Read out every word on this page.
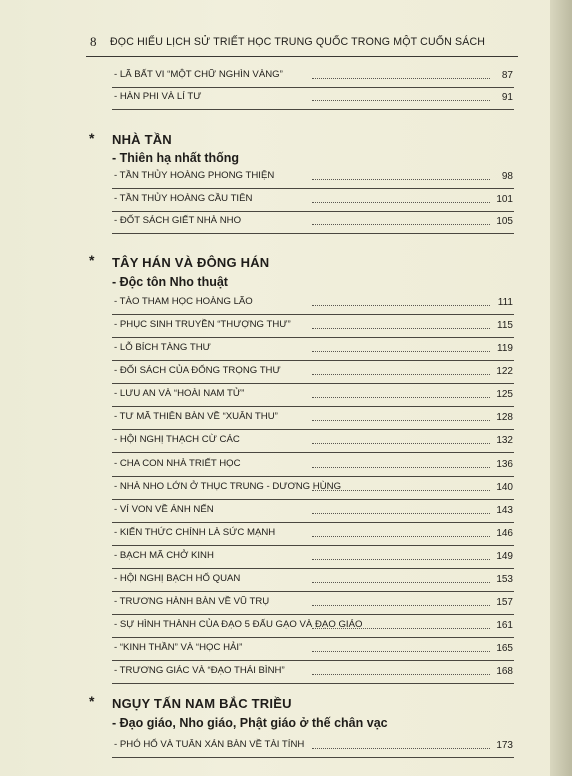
8 ĐỌC HIỂU LỊCH SỬ TRIẾT HỌC TRUNG QUỐC TRONG MỘT CUỐN SÁCH
- LÃ BẤT VI “MỘT CHỮ NGHÌN VÀNG”	87
- HÀN PHI VÀ LÍ TƯ	91
* NHÀ TẦN
- Thiên hạ nhất thống
- TẦN THỦY HOÀNG PHONG THIỆN	98
- TẦN THỦY HOÀNG CẦU TIÊN	101
- ĐỐT SÁCH GIẾT NHÀ NHO	105
* TÂY HÁN VÀ ĐÔNG HÁN
- Độc tôn Nho thuật
- TÀO THAM HỌC HOÀNG LÃO	111
- PHỤC SINH TRUYỀN “THƯỢNG THƯ”	115
- LỖ BÍCH TÀNG THƯ	119
- ĐỐI SÁCH CỦA ĐỔNG TRỌNG THƯ	122
- LƯU AN VÀ “HOÀI NAM TỬ”	125
- TƯ MÃ THIÊN BÀN VỀ “XUÂN THU”	128
- HỘI NGHỊ THẠCH CỪ CÁC	132
- CHA CON NHÀ TRIẾT HỌC	136
- NHÀ NHO LỚN Ở THỤC TRUNG - DƯƠNG HÙNG	140
- VÍ VON VỀ ÁNH NẾN	143
- KIẾN THỨC CHÍNH LÀ SỨC MẠNH	146
- BẠCH MÃ CHỞ KINH	149
- HỘI NGHỊ BẠCH HỔ QUAN	153
- TRƯƠNG HÀNH BÀN VỀ VŨ TRỤ	157
- SỰ HÌNH THÀNH CỦA ĐẠO 5 ĐẤU GẠO VÀ ĐẠO GIÁO	161
- “KINH THẦN” VÀ “HỌC HẢI”	165
- TRƯƠNG GIÁC VÀ “ĐẠO THÁI BÌNH”	168
* NGỤY TẤN NAM BẮC TRIỀU
- Đạo giáo, Nho giáo, Phật giáo ở thế chân vạc
- PHÓ HỔ VÀ TUÂN XÁN BÀN VỀ TÀI TÍNH	173
